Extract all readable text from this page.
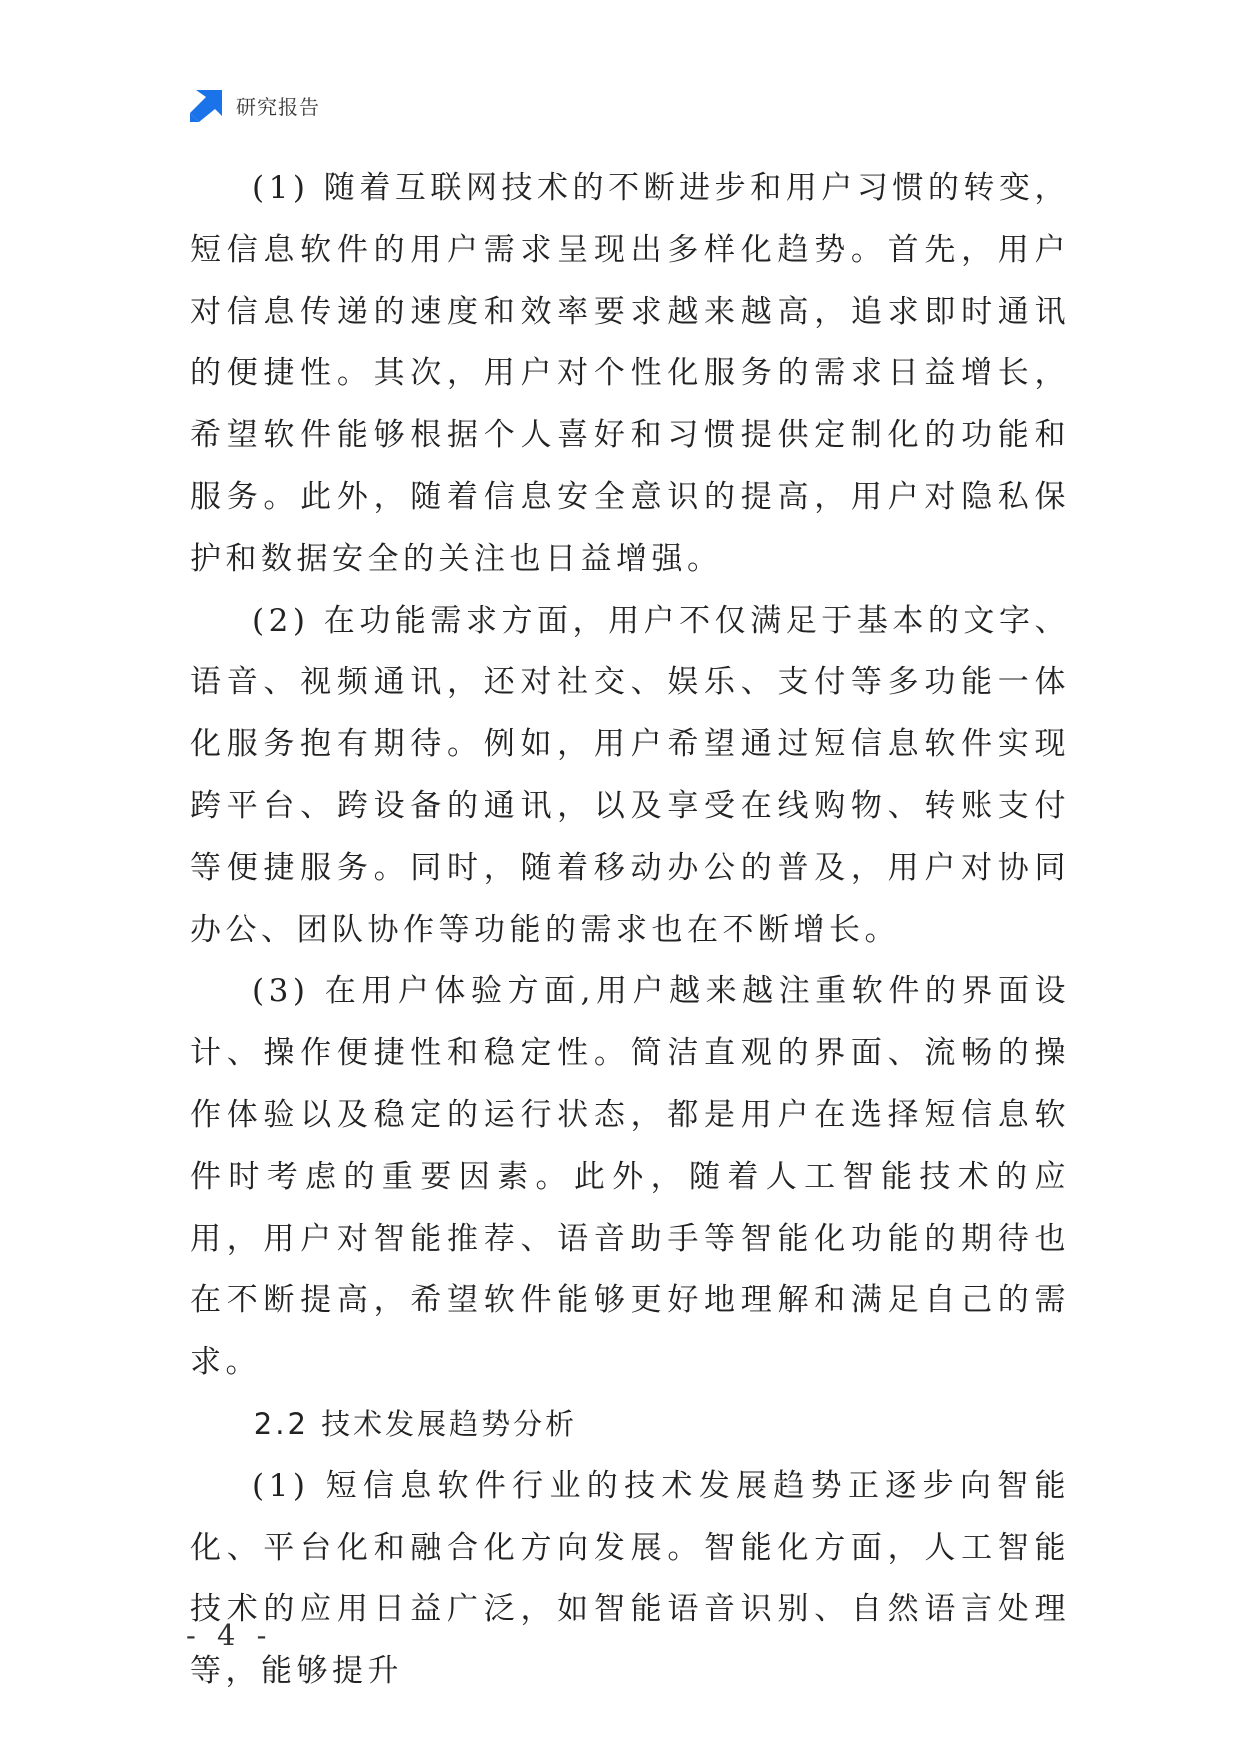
研究报告

(1) 随着互联网技术的不断进步和用户习惯的转变，短信息软件的用户需求呈现出多样化趋势。首先，用户对信息传递的速度和效率要求越来越高，追求即时通讯的便捷性。其次，用户对个性化服务的需求日益增长，希望软件能够根据个人喜好和习惯提供定制化的功能和服务。此外，随着信息安全意识的提高，用户对隐私保护和数据安全的关注也日益增强。

(2) 在功能需求方面，用户不仅满足于基本的文字、语音、视频通讯，还对社交、娱乐、支付等多功能一体化服务抱有期待。例如，用户希望通过短信息软件实现跨平台、跨设备的通讯，以及享受在线购物、转账支付等便捷服务。同时，随着移动办公的普及，用户对协同办公、团队协作等功能的需求也在不断增长。

(3) 在用户体验方面,用户越来越注重软件的界面设计、操作便捷性和稳定性。简洁直观的界面、流畅的操作体验以及稳定的运行状态，都是用户在选择短信息软件时考虑的重要因素。此外，随着人工智能技术的应用，用户对智能推荐、语音助手等智能化功能的期待也在不断提高，希望软件能够更好地理解和满足自己的需求。

2.2 技术发展趋势分析

(1) 短信息软件行业的技术发展趋势正逐步向智能化、平台化和融合化方向发展。智能化方面，人工智能技术的应用日益广泛，如智能语音识别、自然语言处理等，能够提升

- 4 -
